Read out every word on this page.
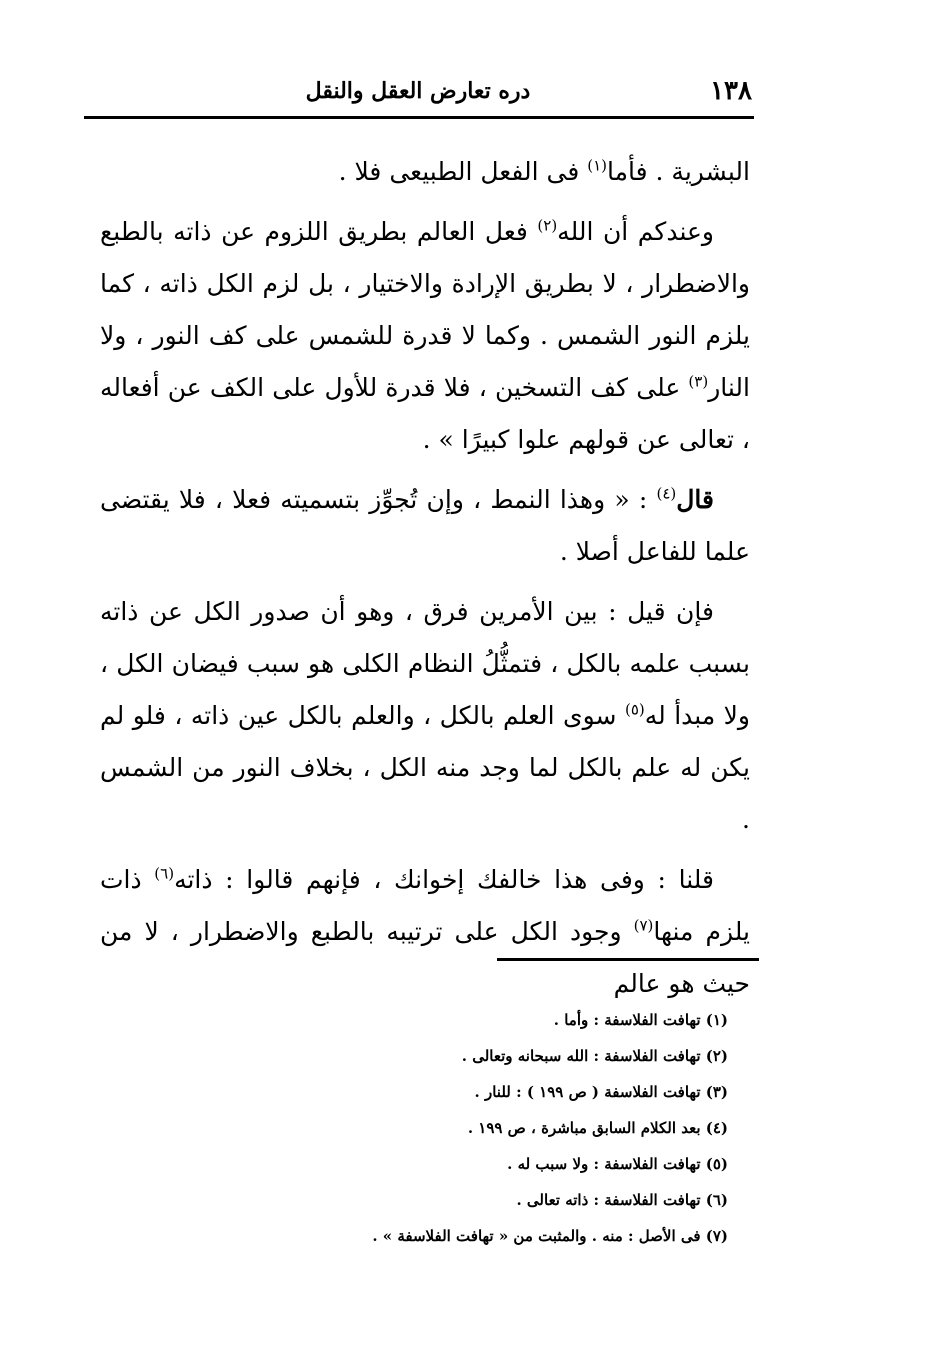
١٣٨
دره تعارض العقل والنقل

البشرية . فأما$^{(١)}$ فى الفعل الطبيعى فلا .

وعندكم أن الله$^{(٢)}$ فعل العالم بطريق اللزوم عن ذاته بالطبع والاضطرار ، لا بطريق الإرادة والاختيار ، بل لزم الكل ذاته ، كما يلزم النور الشمس . وكما لا قدرة للشمس على كف النور ، ولا النار$^{(٣)}$ على كف التسخين ، فلا قدرة للأول على الكف عن أفعاله ، تعالى عن قولهم علوا كبيرًا » .

قال$^{(٤)}$ : « وهذا النمط ، وإن تُجوِّز بتسميته فعلا ، فلا يقتضى علما للفاعل أصلا .

فإن قيل : بين الأمرين فرق ، وهو أن صدور الكل عن ذاته بسبب علمه بالكل ، فتمثُّلُ النظام الكلى هو سبب فيضان الكل ، ولا مبدأ له$^{(٥)}$ سوى العلم بالكل ، والعلم بالكل عين ذاته ، فلو لم يكن له علم بالكل لما وجد منه الكل ، بخلاف النور من الشمس .

قلنا : وفى هذا خالفك إخوانك ، فإنهم قالوا : ذاته$^{(٦)}$ ذات يلزم منها$^{(٧)}$ وجود الكل على ترتيبه بالطبع والاضطرار ، لا من حيث هو عالم

(١) تهافت الفلاسفة : وأما .
(٢) تهافت الفلاسفة : الله سبحانه وتعالى .
(٣) تهافت الفلاسفة ( ص ١٩٩ ) : للنار .
(٤) بعد الكلام السابق مباشرة ، ص ١٩٩ .
(٥) تهافت الفلاسفة : ولا سبب له .
(٦) تهافت الفلاسفة : ذاته تعالى .
(٧) فى الأصل : منه . والمثبت من « تهافت الفلاسفة » .
